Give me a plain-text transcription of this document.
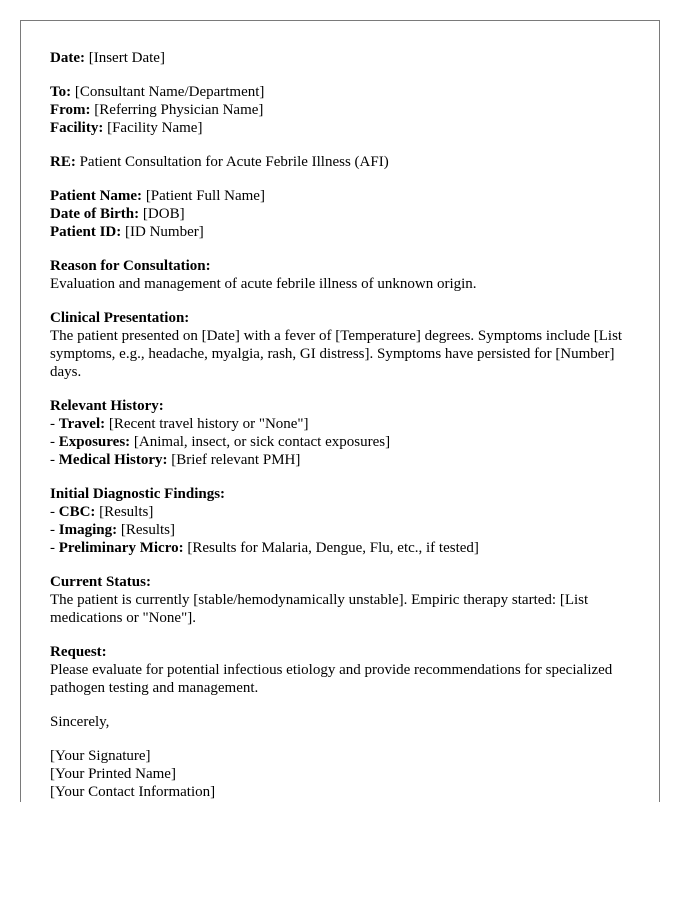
Date: [Insert Date]
To: [Consultant Name/Department]
From: [Referring Physician Name]
Facility: [Facility Name]
RE: Patient Consultation for Acute Febrile Illness (AFI)
Patient Name: [Patient Full Name]
Date of Birth: [DOB]
Patient ID: [ID Number]
Reason for Consultation:
Evaluation and management of acute febrile illness of unknown origin.
Clinical Presentation:
The patient presented on [Date] with a fever of [Temperature] degrees. Symptoms include [List symptoms, e.g., headache, myalgia, rash, GI distress]. Symptoms have persisted for [Number] days.
Relevant History:
- Travel: [Recent travel history or "None"]
- Exposures: [Animal, insect, or sick contact exposures]
- Medical History: [Brief relevant PMH]
Initial Diagnostic Findings:
- CBC: [Results]
- Imaging: [Results]
- Preliminary Micro: [Results for Malaria, Dengue, Flu, etc., if tested]
Current Status:
The patient is currently [stable/hemodynamically unstable]. Empiric therapy started: [List medications or "None"].
Request:
Please evaluate for potential infectious etiology and provide recommendations for specialized pathogen testing and management.
Sincerely,
[Your Signature]
[Your Printed Name]
[Your Contact Information]
